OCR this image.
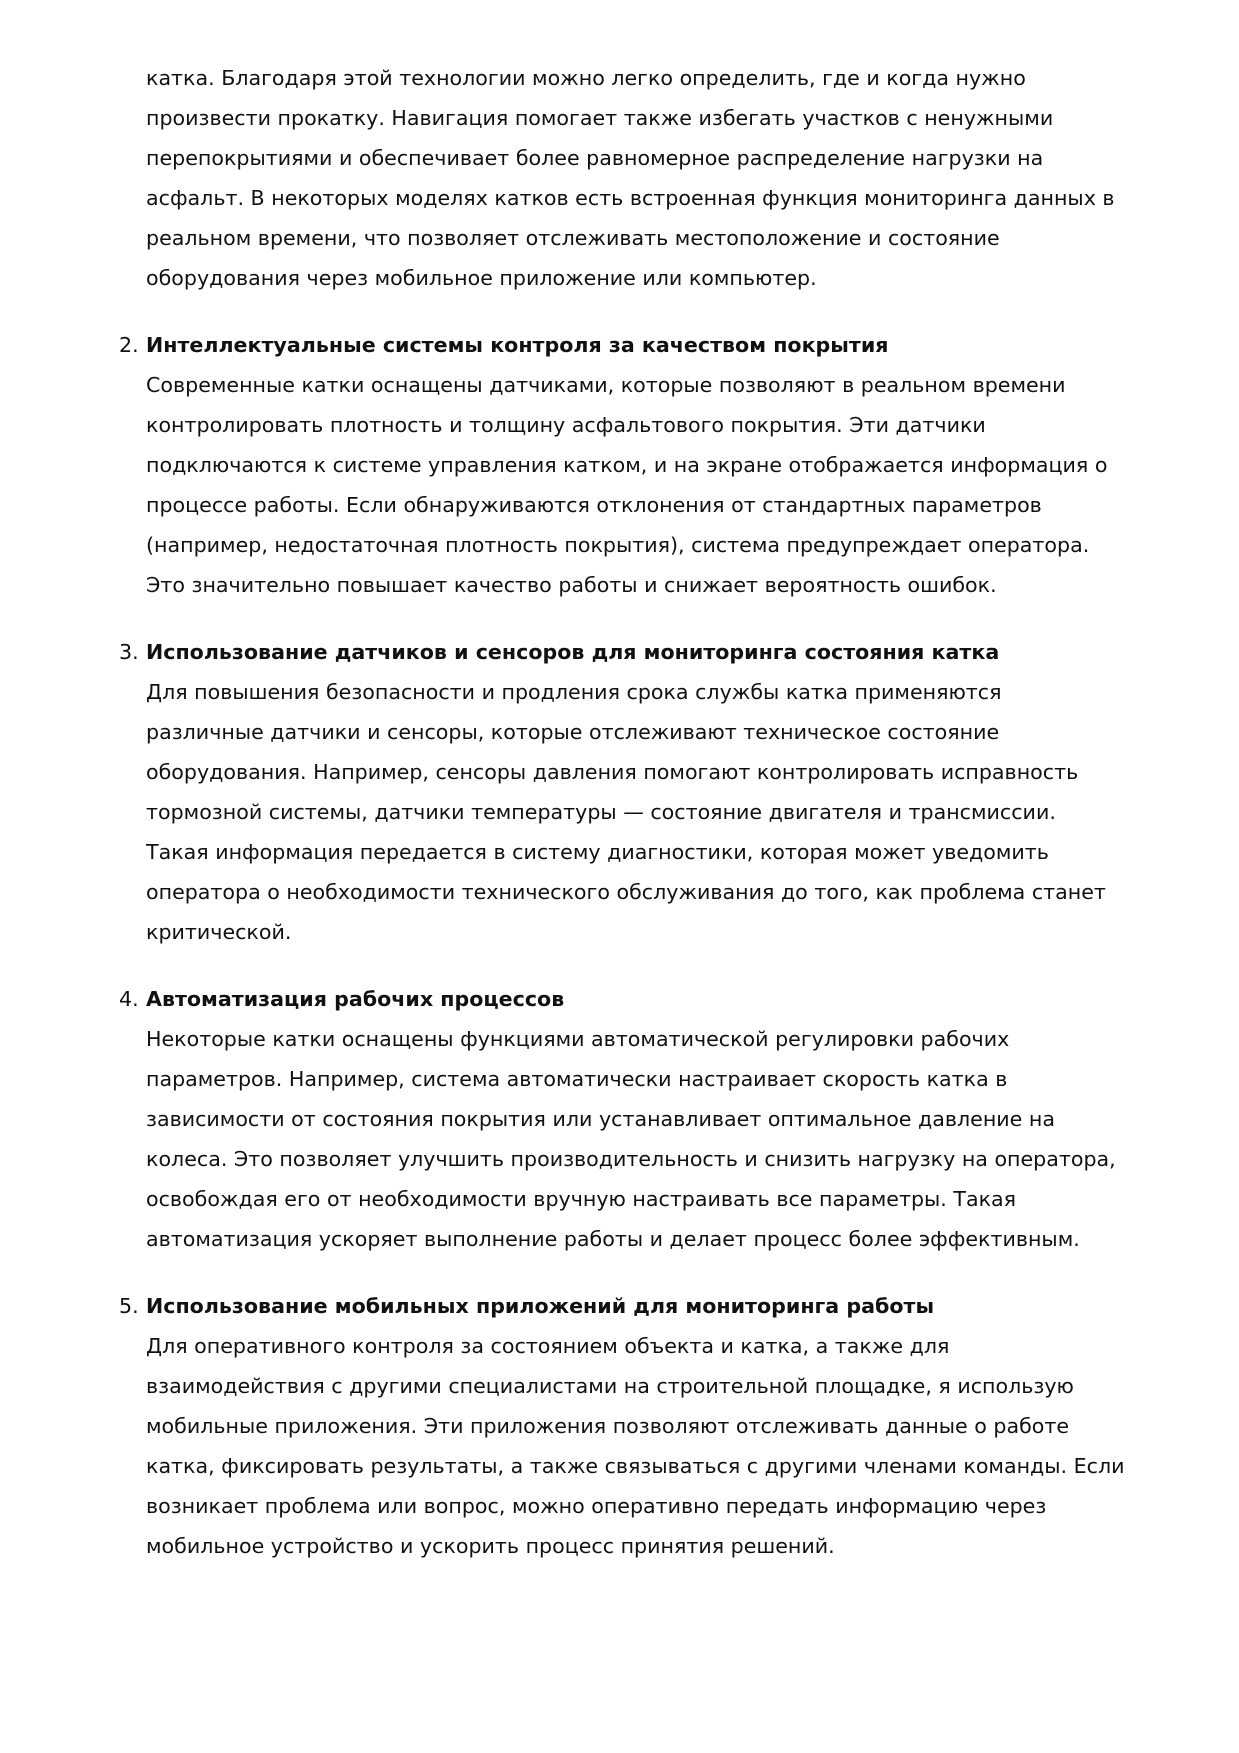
катка. Благодаря этой технологии можно легко определить, где и когда нужно
произвести прокатку. Навигация помогает также избегать участков с ненужными
перепокрытиями и обеспечивает более равномерное распределение нагрузки на
асфальт. В некоторых моделях катков есть встроенная функция мониторинга данных в
реальном времени, что позволяет отслеживать местоположение и состояние
оборудования через мобильное приложение или компьютер.
2. Интеллектуальные системы контроля за качеством покрытия
Современные катки оснащены датчиками, которые позволяют в реальном времени
контролировать плотность и толщину асфальтового покрытия. Эти датчики
подключаются к системе управления катком, и на экране отображается информация о
процессе работы. Если обнаруживаются отклонения от стандартных параметров
(например, недостаточная плотность покрытия), система предупреждает оператора.
Это значительно повышает качество работы и снижает вероятность ошибок.
3. Использование датчиков и сенсоров для мониторинга состояния катка
Для повышения безопасности и продления срока службы катка применяются
различные датчики и сенсоры, которые отслеживают техническое состояние
оборудования. Например, сенсоры давления помогают контролировать исправность
тормозной системы, датчики температуры — состояние двигателя и трансмиссии.
Такая информация передается в систему диагностики, которая может уведомить
оператора о необходимости технического обслуживания до того, как проблема станет
критической.
4. Автоматизация рабочих процессов
Некоторые катки оснащены функциями автоматической регулировки рабочих
параметров. Например, система автоматически настраивает скорость катка в
зависимости от состояния покрытия или устанавливает оптимальное давление на
колеса. Это позволяет улучшить производительность и снизить нагрузку на оператора,
освобождая его от необходимости вручную настраивать все параметры. Такая
автоматизация ускоряет выполнение работы и делает процесс более эффективным.
5. Использование мобильных приложений для мониторинга работы
Для оперативного контроля за состоянием объекта и катка, а также для
взаимодействия с другими специалистами на строительной площадке, я использую
мобильные приложения. Эти приложения позволяют отслеживать данные о работе
катка, фиксировать результаты, а также связываться с другими членами команды. Если
возникает проблема или вопрос, можно оперативно передать информацию через
мобильное устройство и ускорить процесс принятия решений.
